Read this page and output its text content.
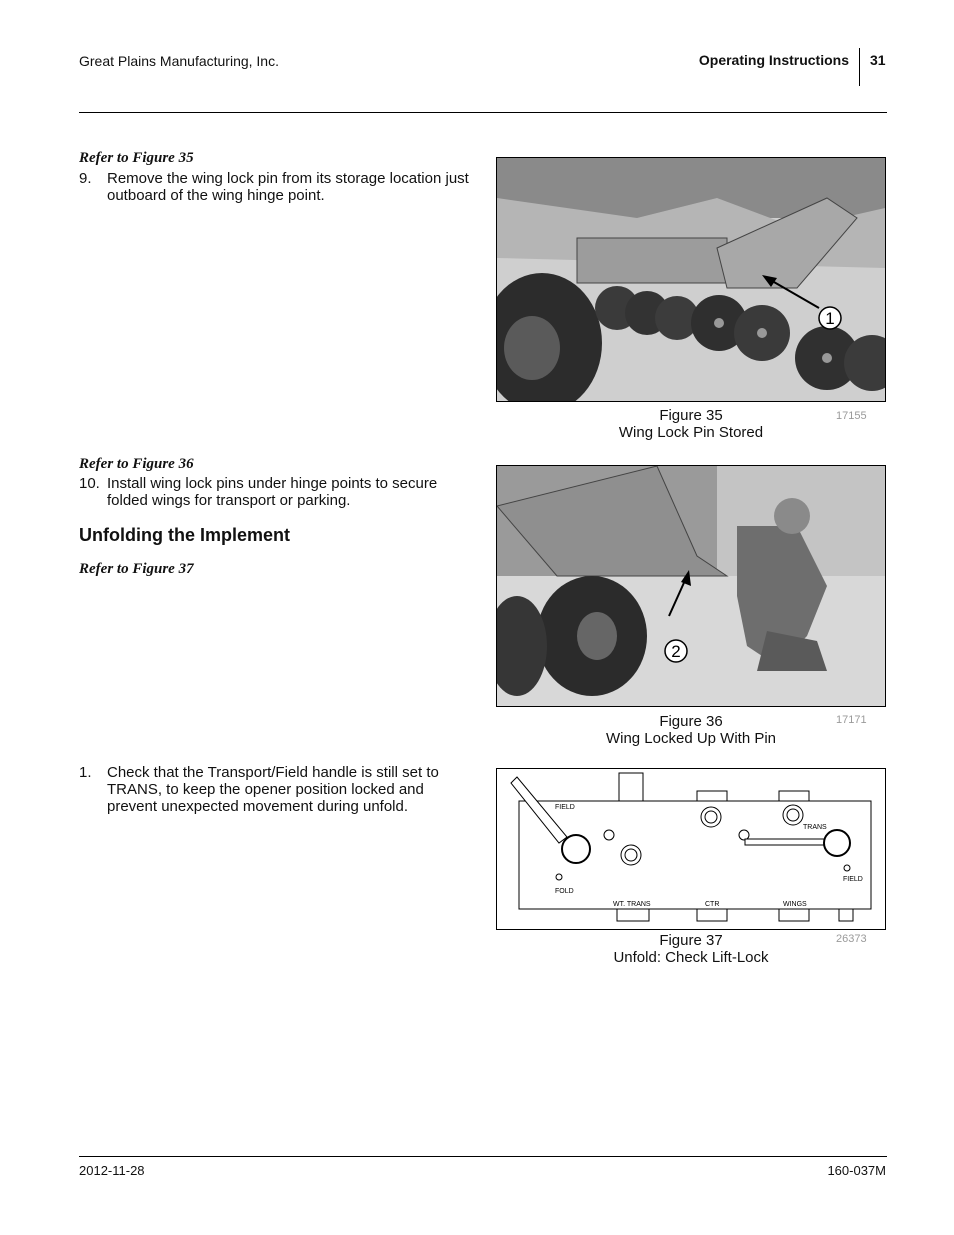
Great Plains Manufacturing, Inc.	Operating Instructions 31
Refer to Figure 35
9. Remove the wing lock pin from its storage location just outboard of the wing hinge point.
Refer to Figure 36
10. Install wing lock pins under hinge points to secure folded wings for transport or parking.
Unfolding the Implement
Refer to Figure 37
1. Check that the Transport/Field handle is still set to TRANS, to keep the opener position locked and prevent unexpected movement during unfold.
1
Figure 35
Wing Lock Pin Stored
17155
2
Figure 36
Wing Locked Up With Pin
17171
FIELD
FOLD
TRANS
FIELD
WT. TRANS	CTR	WINGS
Figure 37
Unfold: Check Lift-Lock
26373
2012-11-28	160-037M
